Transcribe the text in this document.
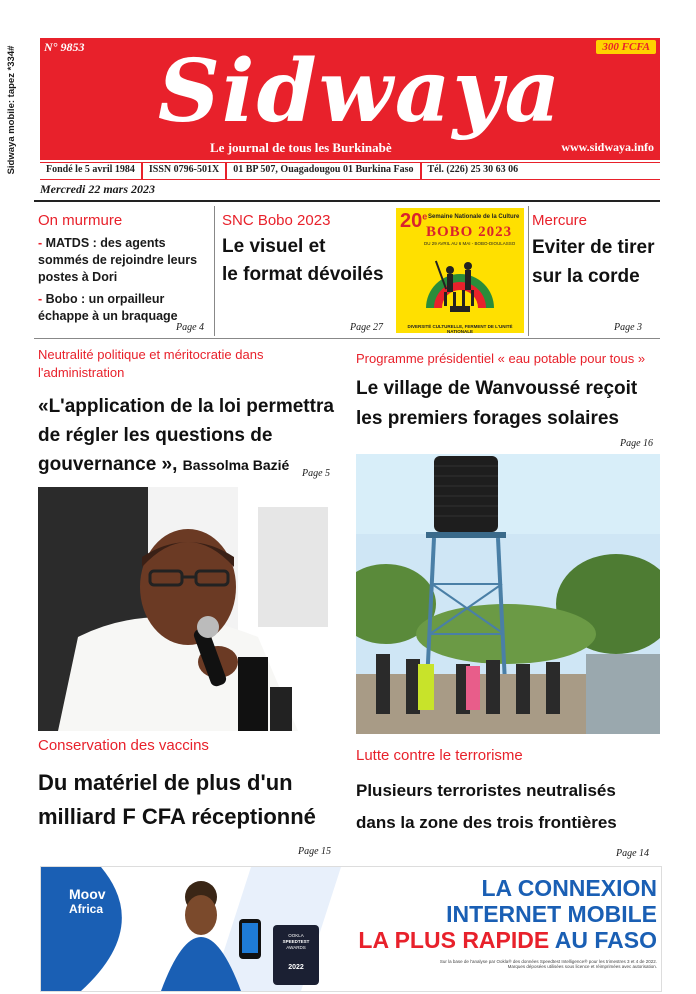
Sidwaya mobile: tapez *334# N° 9853	300 FCFA
Sidwaya
Le journal de tous les Burkinabè	www.sidwaya.info
Fondé le 5 avril 1984	ISSN 0796-501X	01 BP 507, Ouagadougou 01 Burkina Faso	Tél. (226) 25 30 63 06
Mercredi 22 mars 2023
On murmure
- MATDS : des agents sommés de rejoindre leurs postes à Dori
- Bobo : un orpailleur échappe à un braquage
Page 4
SNC Bobo 2023
Le visuel et
le format dévoilés
Page 27
20e Semaine Nationale de la Culture
BOBO 2023
DU 29 AVRIL AU 6 MAI - BOBO-DIOULASSO
DIVERSITÉ CULTURELLE, FERMENT DE L'UNITÉ NATIONALE
Mercure
Eviter de tirer
sur la corde
Page 3
Neutralité politique et méritocratie dans
l'administration
«L'application de la loi permettra
de régler les questions de
gouvernance », Bassolma Bazié
Page 5
Programme présidentiel « eau potable pour tous »
Le village de Wanvoussé reçoit
les premiers forages solaires
Page 16
Conservation des vaccins
Du matériel de plus d'un
milliard F CFA réceptionné
Page 15
Lutte contre le terrorisme
Plusieurs terroristes neutralisés
dans la zone des trois frontières
Page 14
Moov
Africa
OOKLA
SPEEDTEST
AWARDS
2022
LA CONNEXION
INTERNET MOBILE
LA PLUS RAPIDE AU FASO
Sur la base de l'analyse par Ookla® des données Speedtest Intelligence® pour les trimestres 3 et 4 de 2022.
Marques déposées utilisées sous licence et réimprimées avec autorisation.
